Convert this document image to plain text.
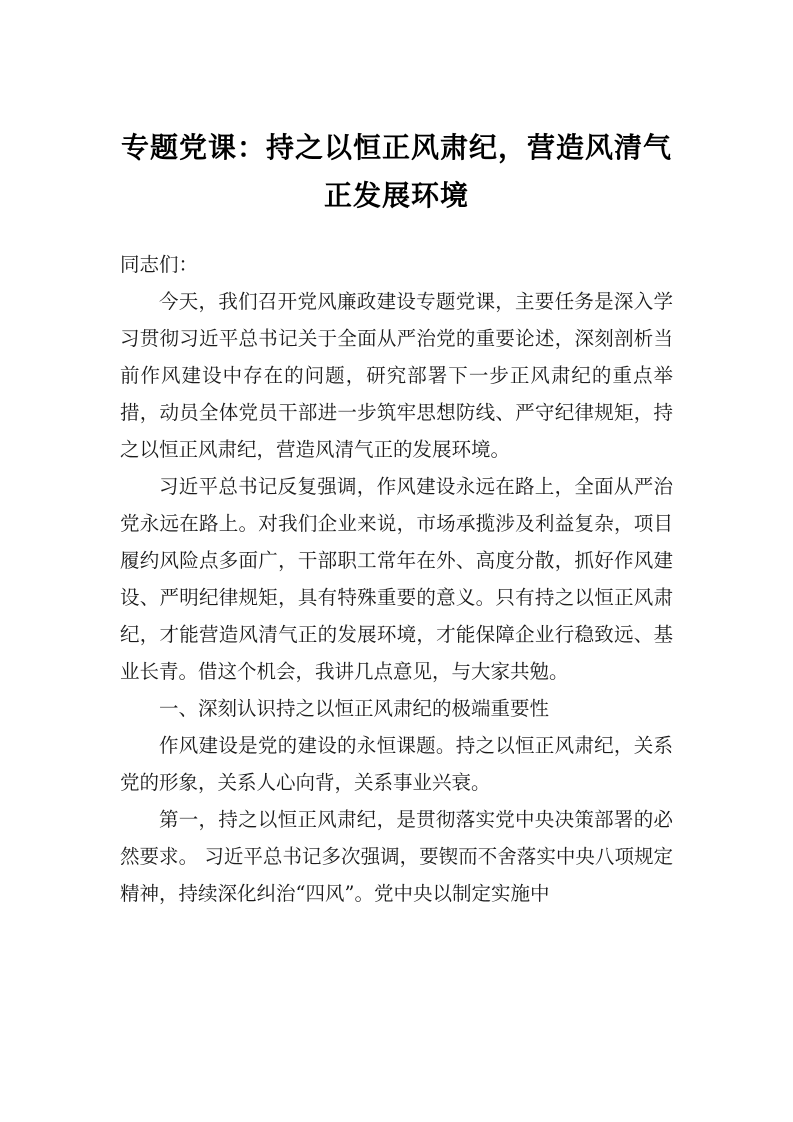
专题党课：持之以恒正风肃纪，营造风清气
正发展环境

同志们：

今天，我们召开党风廉政建设专题党课，主要任务是深入学习贯彻习近平总书记关于全面从严治党的重要论述，深刻剖析当前作风建设中存在的问题，研究部署下一步正风肃纪的重点举措，动员全体党员干部进一步筑牢思想防线、严守纪律规矩，持之以恒正风肃纪，营造风清气正的发展环境。

习近平总书记反复强调，作风建设永远在路上，全面从严治党永远在路上。对我们企业来说，市场承揽涉及利益复杂，项目履约风险点多面广，干部职工常年在外、高度分散，抓好作风建设、严明纪律规矩，具有特殊重要的意义。只有持之以恒正风肃纪，才能营造风清气正的发展环境，才能保障企业行稳致远、基业长青。借这个机会，我讲几点意见，与大家共勉。

一、深刻认识持之以恒正风肃纪的极端重要性

作风建设是党的建设的永恒课题。持之以恒正风肃纪，关系党的形象，关系人心向背，关系事业兴衰。

第一，持之以恒正风肃纪，是贯彻落实党中央决策部署的必然要求。 习近平总书记多次强调，要锲而不舍落实中央八项规定精神，持续深化纠治“四风”。党中央以制定实施中
